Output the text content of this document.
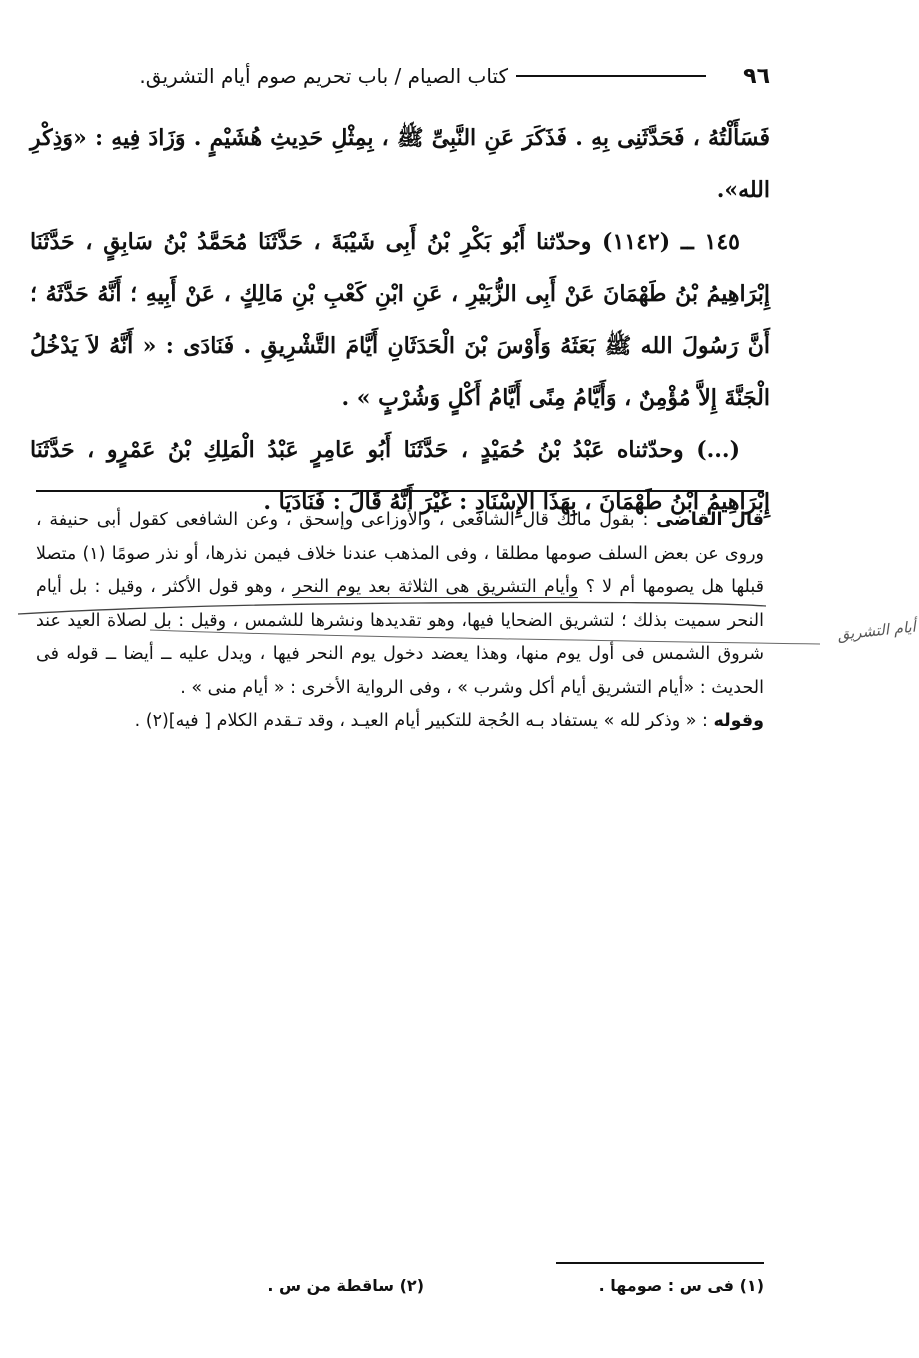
٩٦
كتاب الصيام / باب تحريم صوم أيام التشريق.

فَسَأَلْتُهُ ، فَحَدَّثَنِى بِهِ . فَذَكَرَ عَنِ النَّبِىِّ ﷺ ، بِمِثْلِ حَدِيثِ هُشَيْمٍ . وَزَادَ فِيهِ : «وَذِكْرِ الله».

١٤٥ ــ (١١٤٢) وحدّثنا أَبُو بَكْرِ بْنُ أَبِى شَيْبَةَ ، حَدَّثَنَا مُحَمَّدُ بْنُ سَابِقٍ ، حَدَّثَنَا إِبْرَاهِيمُ بْنُ طَهْمَانَ عَنْ أَبِى الزُّبَيْرِ ، عَنِ ابْنِ كَعْبِ بْنِ مَالِكٍ ، عَنْ أَبِيهِ ؛ أَنَّهُ حَدَّثَهُ ؛ أَنَّ رَسُولَ الله ﷺ بَعَثَهُ وَأَوْسَ بْنَ الْحَدَثَانِ أَيَّامَ التَّشْرِيقِ . فَنَادَى : « أَنَّهُ لاَ يَدْخُلُ الْجَنَّةَ إِلاَّ مُؤْمِنٌ ، وَأَيَّامُ مِنًى أَيَّامُ أَكْلٍ وَشُرْبٍ » .

(...) وحدّثناه عَبْدُ بْنُ حُمَيْدٍ ، حَدَّثَنَا أَبُو عَامِرٍ عَبْدُ الْمَلِكِ بْنُ عَمْرٍو ، حَدَّثَنَا إِبْرَاهِيمُ ابْنُ طَهْمَانَ ، بِهَذَا الإِسْنَادِ : غَيْرَ أَنَّهُ قَالَ : فَنَادَيَا .

قال القاضى : بقول مالك قال الشافعى ، والأوزاعى وإسحق ، وعن الشافعى كقول أبى حنيفة ، وروى عن بعض السلف صومها مطلقا ، وفى المذهب عندنا خلاف فيمن نذرها، أو نذر صومًا (١) متصلا قبلها هل يصومها أم لا ؟ وأيام التشريق هى الثلاثة بعد يوم النحر ، وهو قول الأكثر ، وقيل : بل أيام النحر سميت بذلك ؛ لتشريق الضحايا فيها، وهو تقديدها ونشرها للشمس ، وقيل : بل لصلاة العيد عند شروق الشمس فى أول يوم منها، وهذا يعضد دخول يوم النحر فيها ، ويدل عليه ــ أيضا ــ قوله فى الحديث : «أيام التشريق أيام أكل وشرب » ، وفى الرواية الأخرى : « أيام منى » .

وقوله : « وذكر لله » يستفاد بـه الحُجة للتكبير أيام العيـد ، وقد تـقدم الكلام [ فيه](٢) .

أيام التشريق
(١) فى س : صومها .
(٢) ساقطة من س .
